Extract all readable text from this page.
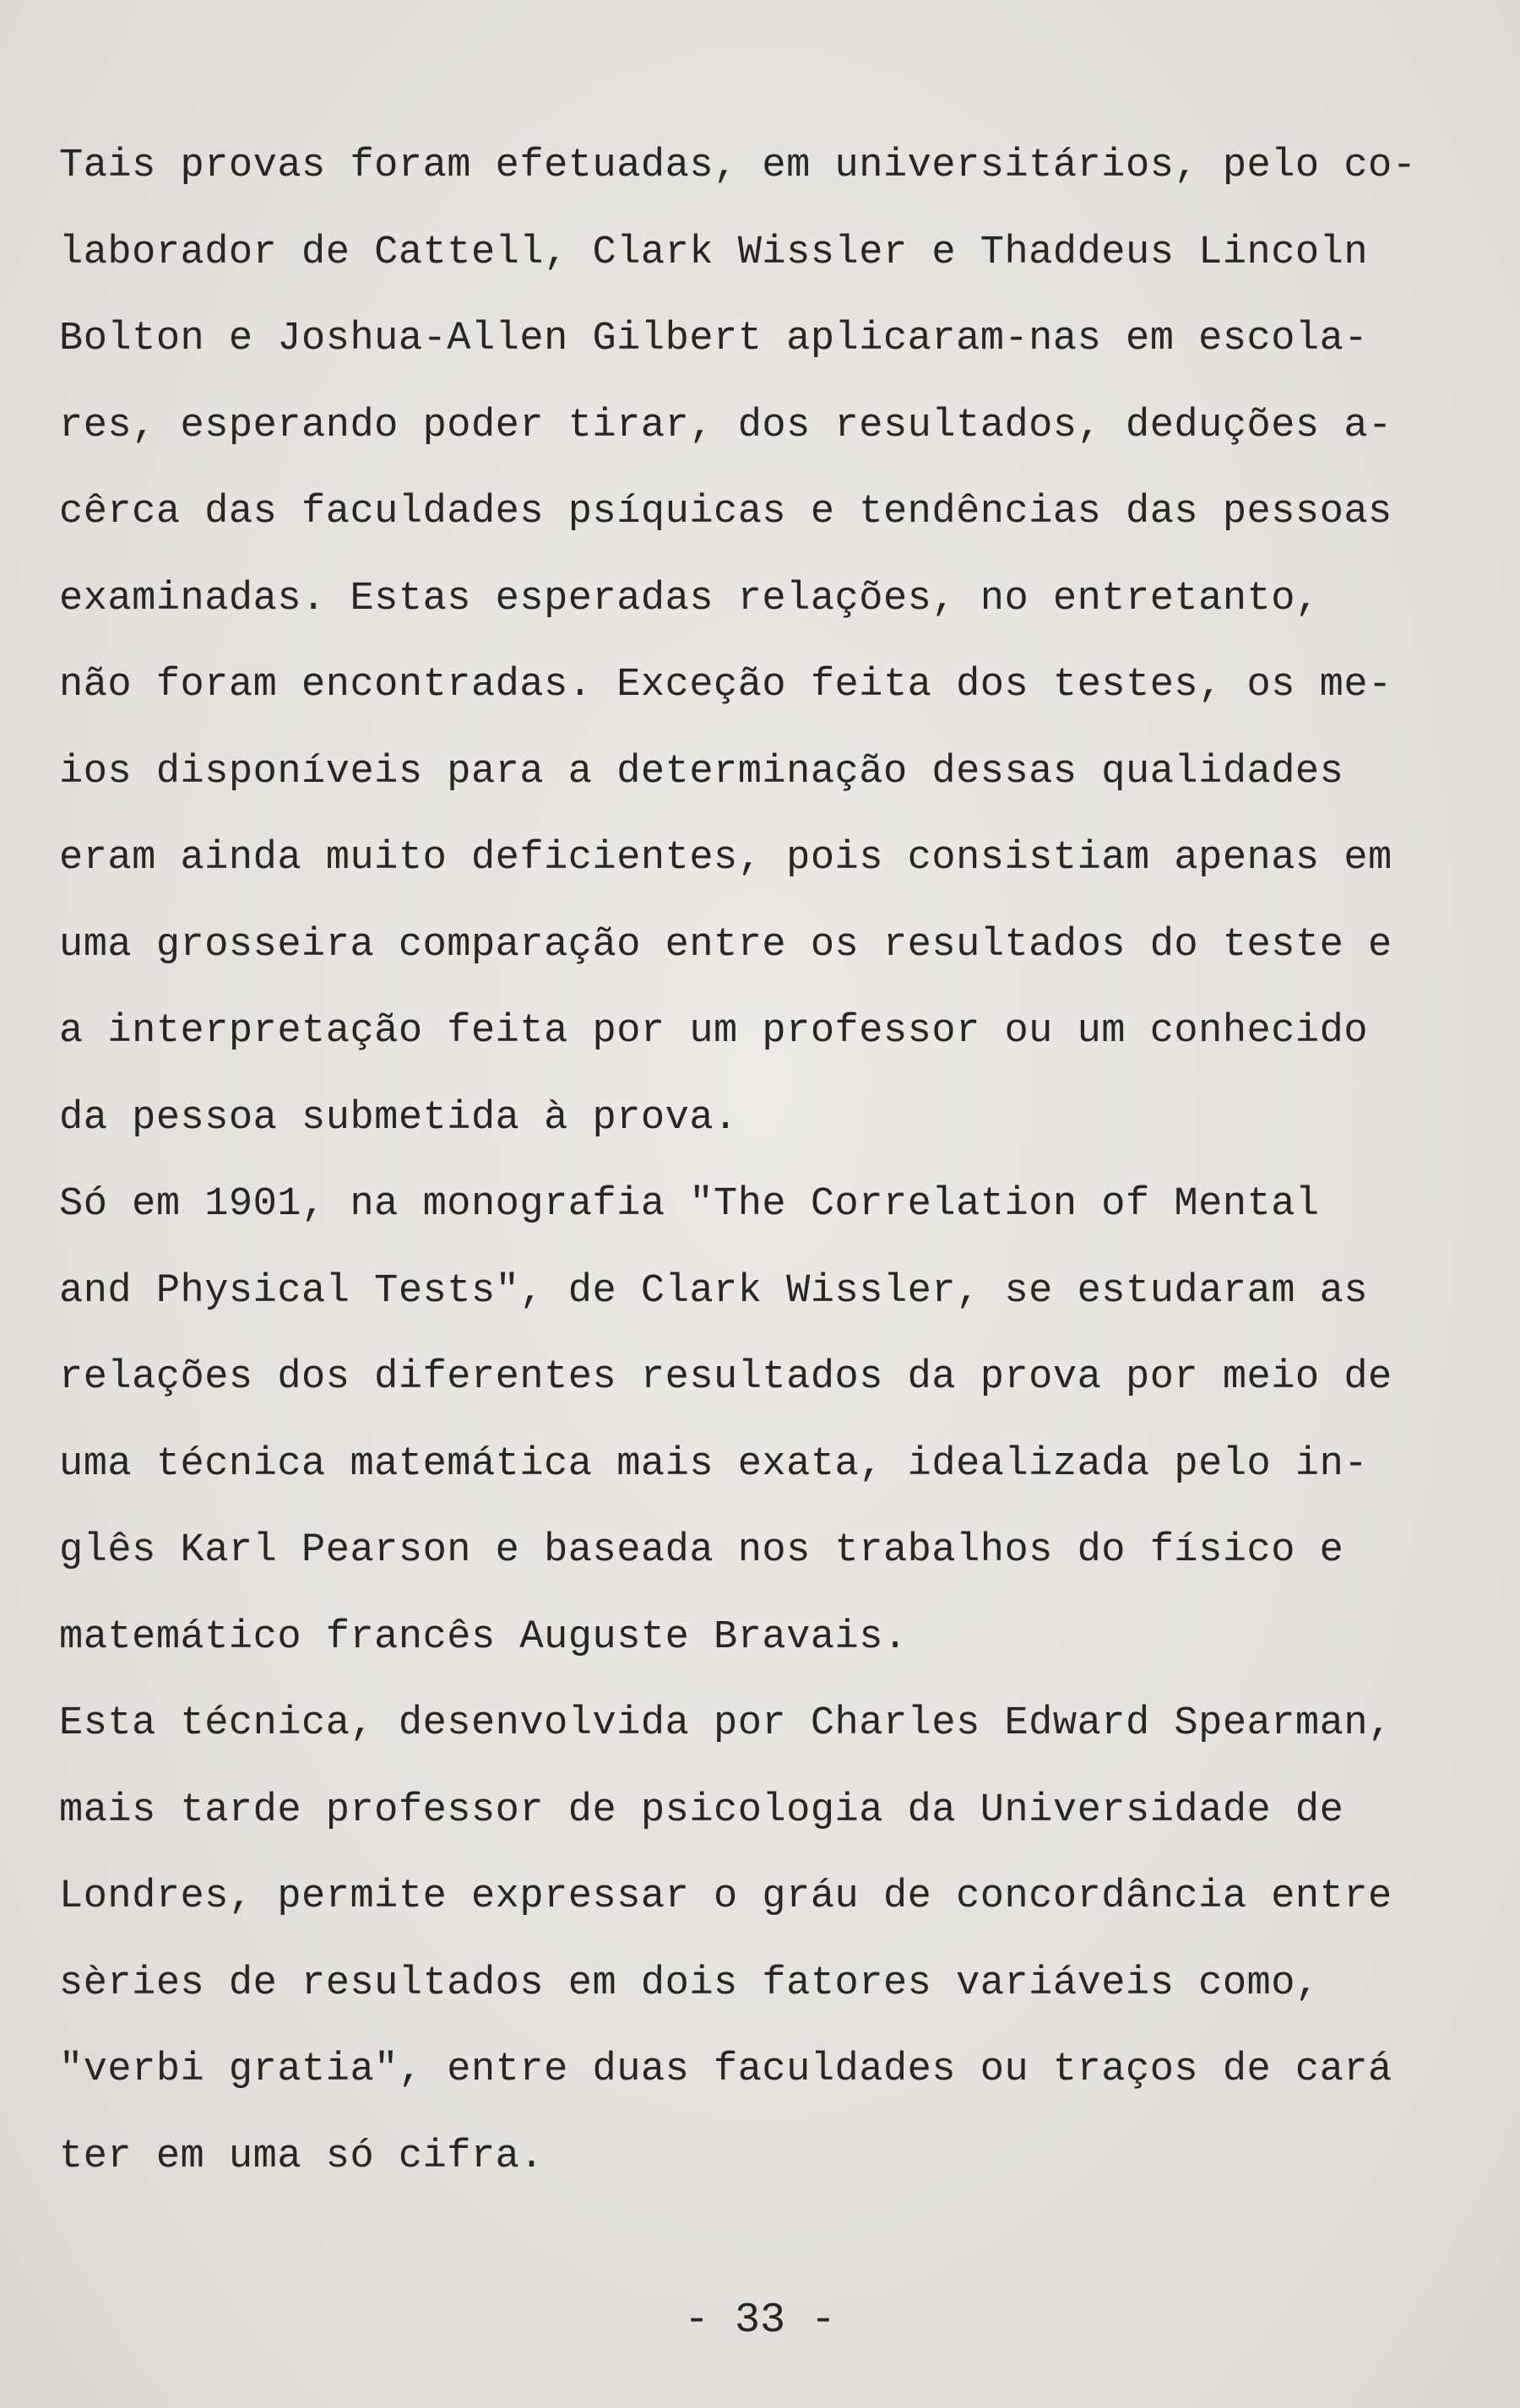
Tais provas foram efetuadas, em universitários, pelo co-
laborador de Cattell, Clark Wissler e Thaddeus Lincoln
Bolton e Joshua-Allen Gilbert aplicaram-nas em escola-
res, esperando poder tirar, dos resultados, deduções a-
cêrca das faculdades psíquicas e tendências das pessoas
examinadas. Estas esperadas relações, no entretanto,
não foram encontradas. Exceção feita dos testes, os me-
ios disponíveis para a determinação dessas qualidades
eram ainda muito deficientes, pois consistiam apenas em
uma grosseira comparação entre os resultados do teste e
a interpretação feita por um professor ou um conhecido
da pessoa submetida à prova.
Só em 1901, na monografia "The Correlation of Mental
and Physical Tests", de Clark Wissler, se estudaram as
relações dos diferentes resultados da prova por meio de
uma técnica matemática mais exata, idealizada pelo in-
glês Karl Pearson e baseada nos trabalhos do físico e
matemático francês Auguste Bravais.
Esta técnica, desenvolvida por Charles Edward Spearman,
mais tarde professor de psicologia da Universidade de
Londres, permite expressar o gráu de concordância entre
sèries de resultados em dois fatores variáveis como,
"verbi gratia", entre duas faculdades ou traços de cará
ter em uma só cifra.
- 33 -
